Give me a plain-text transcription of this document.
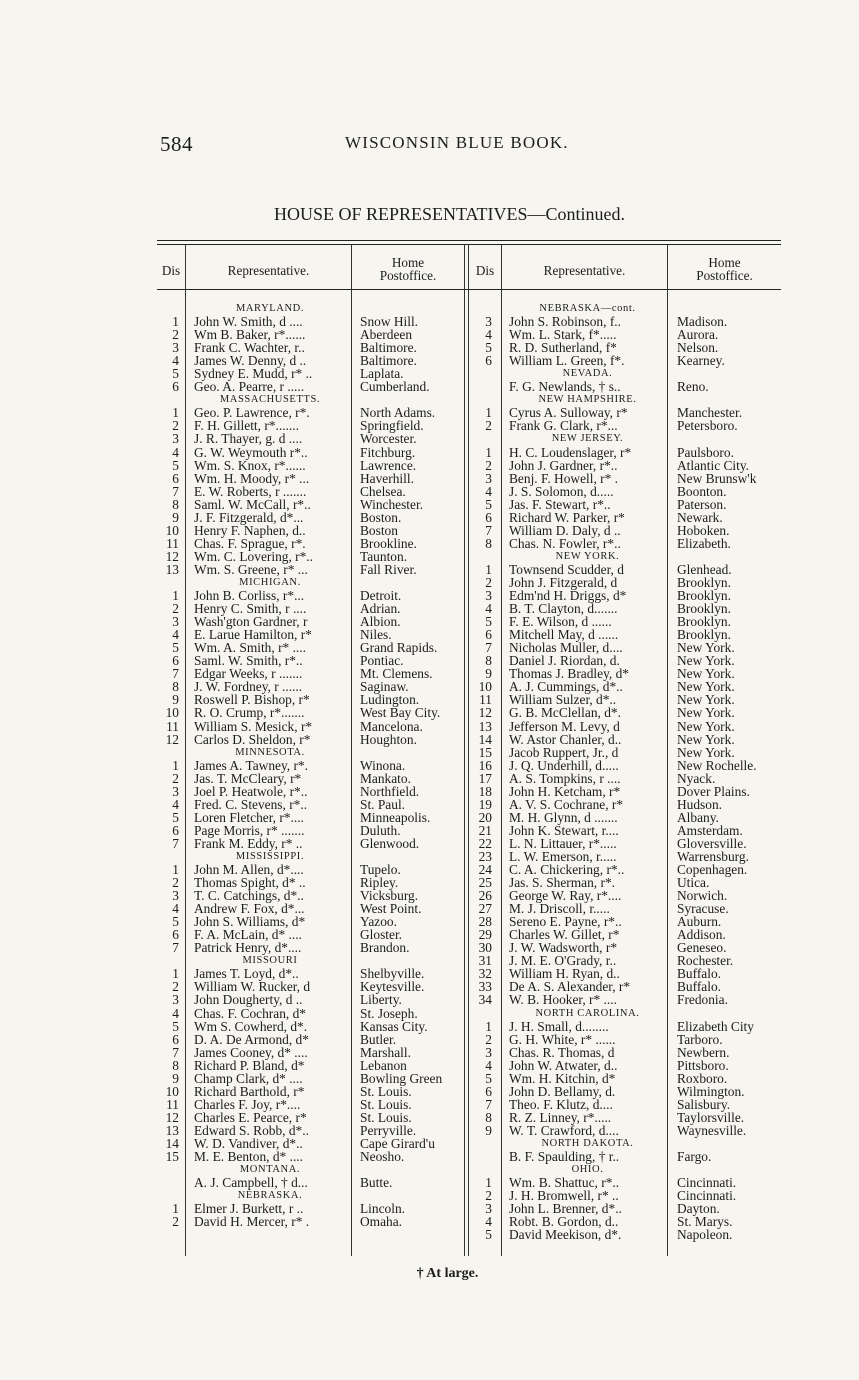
584	WISCONSIN BLUE BOOK.
HOUSE OF REPRESENTATIVES—Continued.
Dis	Representative.
Home
Postoffice.	Dis	Representative.
Home
Postoffice.
MARYLAND.
1 John W. Smith, d ....	Snow Hill.
2 Wm B. Baker, r*......	Aberdeen
3 Frank C. Wachter, r..	Baltimore.
4 James W. Denny, d ..	Baltimore.
5 Sydney E. Mudd, r* ..	Laplata.
6 Geo. A. Pearre, r .....	Cumberland.
MASSACHUSETTS.
1 Geo. P. Lawrence, r*.	North Adams.
2 F. H. Gillett, r*.......	Springfield.
3 J. R. Thayer, g. d ....	Worcester.
4 G. W. Weymouth r*..	Fitchburg.
5 Wm. S. Knox, r*......	Lawrence.
6 Wm. H. Moody, r* ...	Haverhill.
7 E. W. Roberts, r .......	Chelsea.
8 Saml. W. McCall, r*..	Winchester.
9 J. F. Fitzgerald, d*...	Boston.
10 Henry F. Naphen, d..	Boston
11 Chas. F. Sprague, r*.	Brookline.
12 Wm. C. Lovering, r*..	Taunton.
13 Wm. S. Greene, r* ...	Fall River.
MICHIGAN.
1 John B. Corliss, r*...	Detroit.
2 Henry C. Smith, r ....	Adrian.
3 Wash'gton Gardner, r	Albion.
4 E. Larue Hamilton, r*	Niles.
5 Wm. A. Smith, r* ....	Grand Rapids.
6 Saml. W. Smith, r*..	Pontiac.
7 Edgar Weeks, r .......	Mt. Clemens.
8 J. W. Fordney, r ......	Saginaw.
9 Roswell P. Bishop, r*	Ludington.
10 R. O. Crump, r*.......	West Bay City.
11 William S. Mesick, r*	Mancelona.
12 Carlos D. Sheldon, r*	Houghton.
MINNESOTA.
1 James A. Tawney, r*.	Winona.
2 Jas. T. McCleary, r*	Mankato.
3 Joel P. Heatwole, r*..	Northfield.
4 Fred. C. Stevens, r*..	St. Paul.
5 Loren Fletcher, r*....	Minneapolis.
6 Page Morris, r* .......	Duluth.
7 Frank M. Eddy, r* ..	Glenwood.
MISSISSIPPI.
1 John M. Allen, d*....	Tupelo.
2 Thomas Spight, d* ..	Ripley.
3 T. C. Catchings, d*..	Vicksburg.
4 Andrew F. Fox, d*...	West Point.
5 John S. Williams, d*	Yazoo.
6 F. A. McLain, d* ....	Gloster.
7 Patrick Henry, d*....	Brandon.
MISSOURI
1 James T. Loyd, d*..	Shelbyville.
2 William W. Rucker, d	Keytesville.
3 John Dougherty, d ..	Liberty.
4 Chas. F. Cochran, d*	St. Joseph.
5 Wm S. Cowherd, d*.	Kansas City.
6 D. A. De Armond, d*	Butler.
7 James Cooney, d* ....	Marshall.
8 Richard P. Bland, d*	Lebanon
9 Champ Clark, d* ....	Bowling Green
10 Richard Barthold, r*	St. Louis.
11 Charles F. Joy, r*....	St. Louis.
12 Charles E. Pearce, r*	St. Louis.
13 Edward S. Robb, d*..	Perryville.
14 W. D. Vandiver, d*..	Cape Girard'u
15 M. E. Benton, d* ....	Neosho.
MONTANA.
A. J. Campbell, † d...	Butte.
NEBRASKA.
1 Elmer J. Burkett, r ..	Lincoln.
2 David H. Mercer, r* .	Omaha.
NEBRASKA—cont.
3 John S. Robinson, f..	Madison.
4 Wm. L. Stark, f*.....	Aurora.
5 R. D. Sutherland, f*	Nelson.
6 William L. Green, f*.	Kearney.
NEVADA.
F. G. Newlands, † s..	Reno.
NEW HAMPSHIRE.
1 Cyrus A. Sulloway, r*	Manchester.
2 Frank G. Clark, r*...	Petersboro.
NEW JERSEY.
1 H. C. Loudenslager, r*	Paulsboro.
2 John J. Gardner, r*..	Atlantic City.
3 Benj. F. Howell, r* .	New Brunsw'k
4 J. S. Solomon, d.....	Boonton.
5 Jas. F. Stewart, r*..	Paterson.
6 Richard W. Parker, r*	Newark.
7 William D. Daly, d ..	Hoboken.
8 Chas. N. Fowler, r*..	Elizabeth.
NEW YORK.
1 Townsend Scudder, d	Glenhead.
2 John J. Fitzgerald, d	Brooklyn.
3 Edm'nd H. Driggs, d*	Brooklyn.
4 B. T. Clayton, d.......	Brooklyn.
5 F. E. Wilson, d ......	Brooklyn.
6 Mitchell May, d ......	Brooklyn.
7 Nicholas Muller, d....	New York.
8 Daniel J. Riordan, d.	New York.
9 Thomas J. Bradley, d*	New York.
10 A. J. Cummings, d*..	New York.
11 William Sulzer, d*..	New York.
12 G. B. McClellan, d*.	New York.
13 Jefferson M. Levy, d	New York.
14 W. Astor Chanler, d..	New York.
15 Jacob Ruppert, Jr., d	New York.
16 J. Q. Underhill, d.....	New Rochelle.
17 A. S. Tompkins, r ....	Nyack.
18 John H. Ketcham, r*	Dover Plains.
19 A. V. S. Cochrane, r*	Hudson.
20 M. H. Glynn, d .......	Albany.
21 John K. Stewart, r....	Amsterdam.
22 L. N. Littauer, r*.....	Gloversville.
23 L. W. Emerson, r.....	Warrensburg.
24 C. A. Chickering, r*..	Copenhagen.
25 Jas. S. Sherman, r*.	Utica.
26 George W. Ray, r*....	Norwich.
27 M. J. Driscoll, r.....	Syracuse.
28 Sereno E. Payne, r*..	Auburn.
29 Charles W. Gillet, r*	Addison.
30 J. W. Wadsworth, r*	Geneseo.
31 J. M. E. O'Grady, r..	Rochester.
32 William H. Ryan, d..	Buffalo.
33 De A. S. Alexander, r*	Buffalo.
34 W. B. Hooker, r* ....	Fredonia.
NORTH CAROLINA.
1 J. H. Small, d........	Elizabeth City
2 G. H. White, r* ......	Tarboro.
3 Chas. R. Thomas, d	Newbern.
4 John W. Atwater, d..	Pittsboro.
5 Wm. H. Kitchin, d*	Roxboro.
6 John D. Bellamy, d.	Wilmington.
7 Theo. F. Klutz, d....	Salisbury.
8 R. Z. Linney, r*.....	Taylorsville.
9 W. T. Crawford, d....	Waynesville.
NORTH DAKOTA.
B. F. Spaulding, † r..	Fargo.
OHIO.
1 Wm. B. Shattuc, r*..	Cincinnati.
2 J. H. Bromwell, r* ..	Cincinnati.
3 John L. Brenner, d*..	Dayton.
4 Robt. B. Gordon, d..	St. Marys.
5 David Meekison, d*.	Napoleon.
† At large.
